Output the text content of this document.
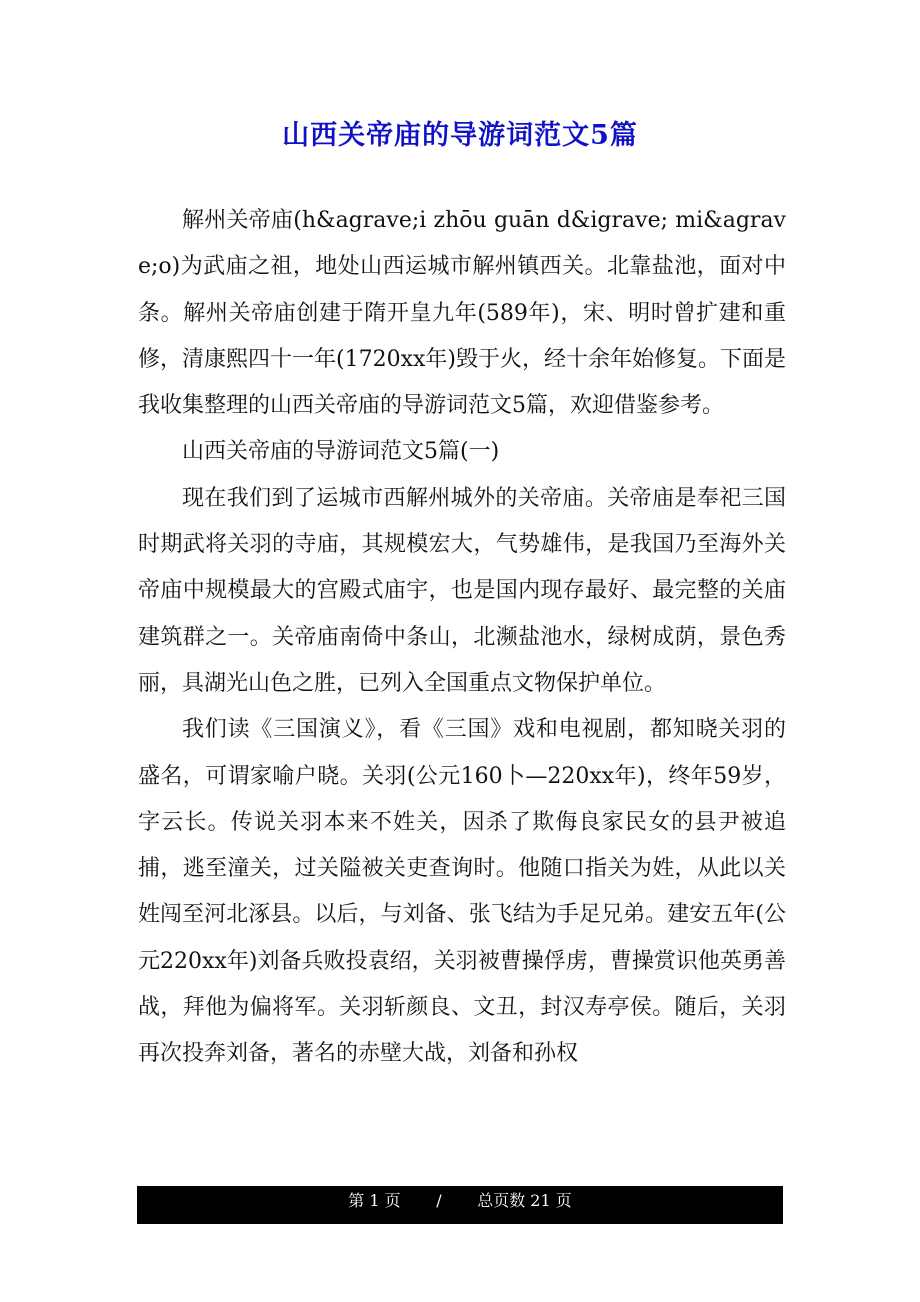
山西关帝庙的导游词范文5篇

解州关帝庙(h&agrave;i zhōu guān d&igrave; mi&agrave;o)为武庙之祖，地处山西运城市解州镇西关。北靠盐池，面对中条。解州关帝庙创建于隋开皇九年(589年)，宋、明时曾扩建和重修，清康熙四十一年(1720xx年)毁于火，经十余年始修复。下面是我收集整理的山西关帝庙的导游词范文5篇，欢迎借鉴参考。

山西关帝庙的导游词范文5篇(一)

现在我们到了运城市西解州城外的关帝庙。关帝庙是奉祀三国时期武将关羽的寺庙，其规模宏大，气势雄伟，是我国乃至海外关帝庙中规模最大的宫殿式庙宇，也是国内现存最好、最完整的关庙建筑群之一。关帝庙南倚中条山，北濒盐池水，绿树成荫，景色秀丽，具湖光山色之胜，已列入全国重点文物保护单位。

我们读《三国演义》，看《三国》戏和电视剧，都知晓关羽的盛名，可谓家喻户晓。关羽(公元160卜—220xx年)，终年59岁，字云长。传说关羽本来不姓关，因杀了欺侮良家民女的县尹被追捕，逃至潼关，过关隘被关吏查询时。他随口指关为姓，从此以关姓闯至河北涿县。以后，与刘备、张飞结为手足兄弟。建安五年(公元220xx年)刘备兵败投袁绍，关羽被曹操俘虏，曹操赏识他英勇善战，拜他为偏将军。关羽斩颜良、文丑，封汉寿亭侯。随后，关羽再次投奔刘备，著名的赤壁大战，刘备和孙权

第 1 页 / 总页数 21 页
